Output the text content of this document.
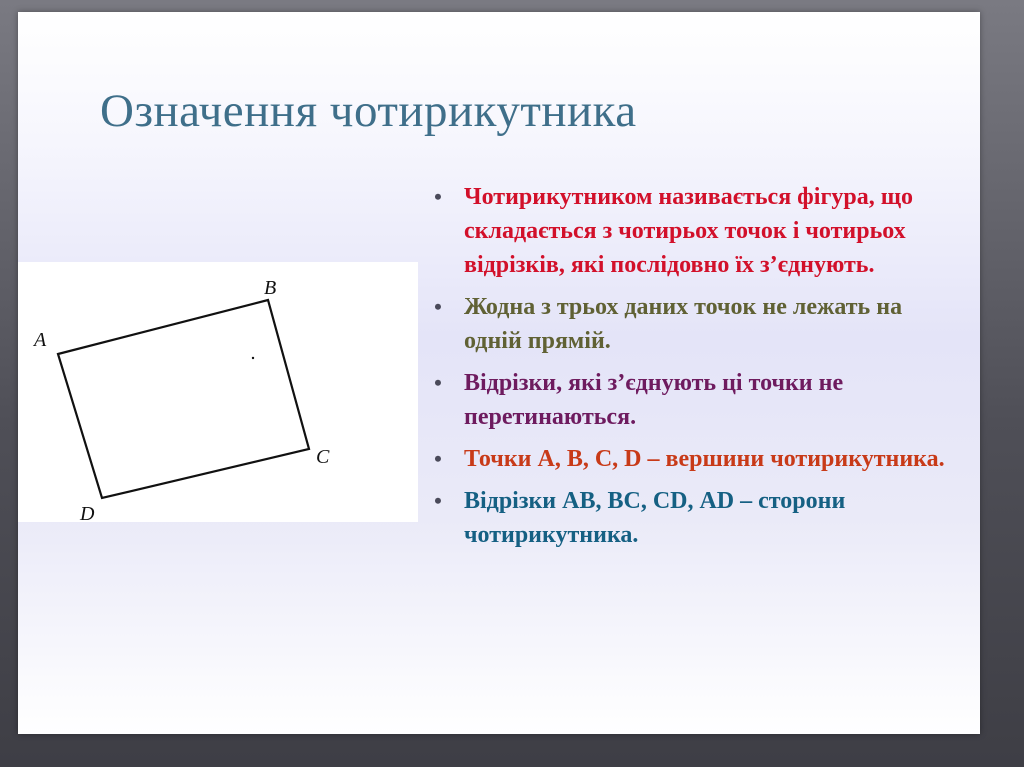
Означення чотирикутника
A
B
C
D
• Чотирикутником називається фігура, що складається з чотирьох точок і чотирьох відрізків, які послідовно їх з’єднують.
• Жодна з трьох даних точок не лежать на одній прямій.
• Відрізки, які з’єднують ці точки не перетинаються.
• Точки А, В, С, D – вершини чотирикутника.
• Відрізки АВ, ВС, СD, АD – сторони чотирикутника.
